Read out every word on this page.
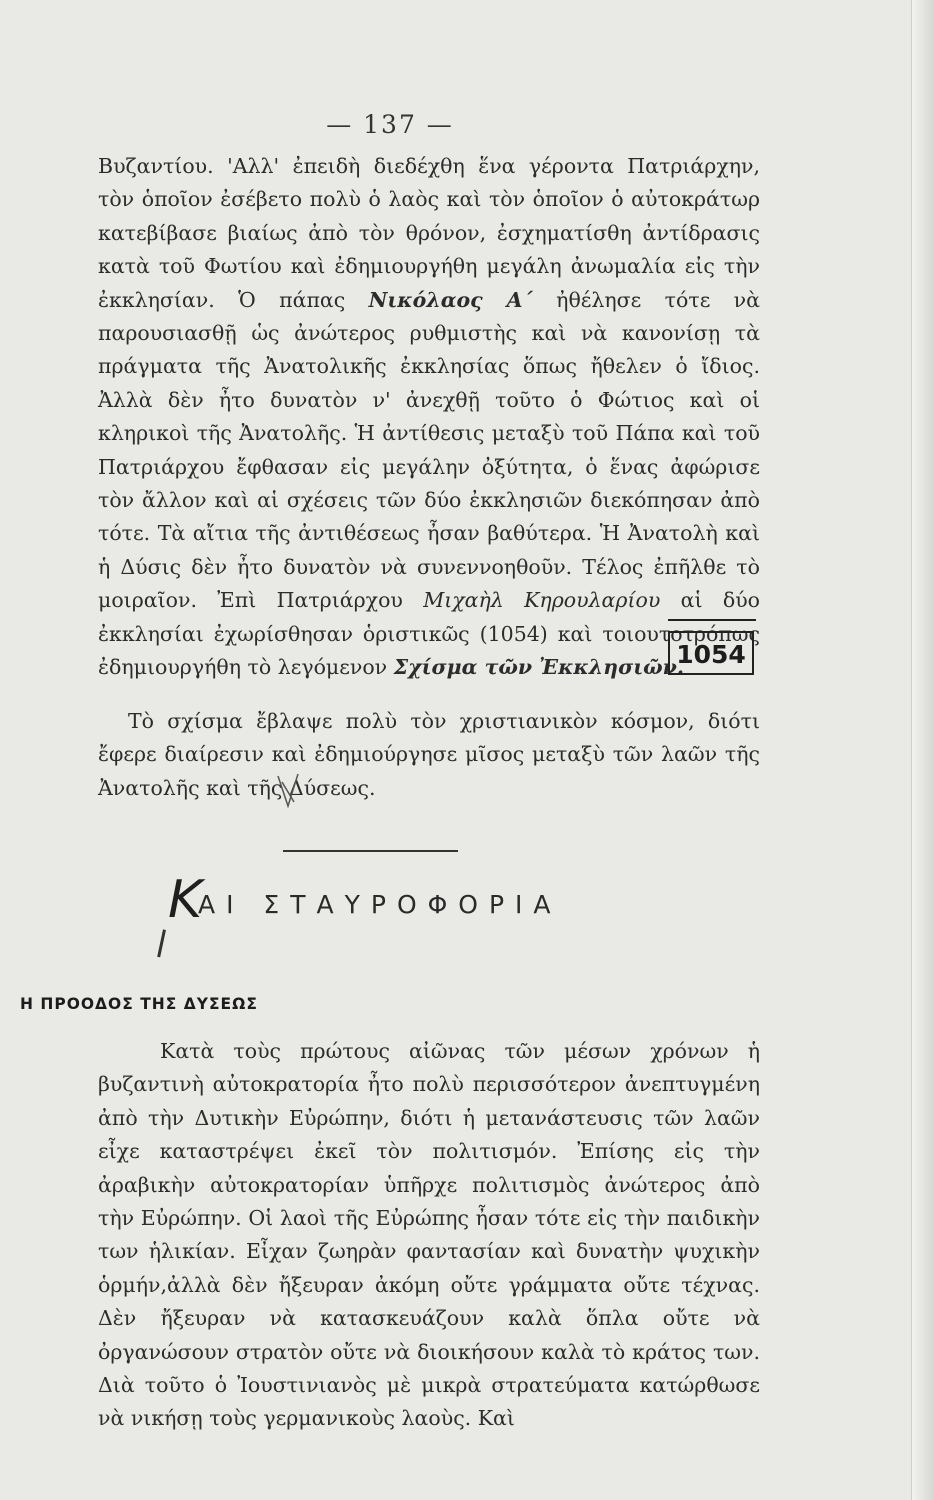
— 137 —

Βυζαντίου. 'Αλλ' ἐπειδὴ διεδέχθη ἕνα γέροντα Πατριάρχην, τὸν ὁποῖον ἐσέβετο πολὺ ὁ λαὸς καὶ τὸν ὁποῖον ὁ αὐτοκράτωρ κατεβίβασε βιαίως ἀπὸ τὸν θρόνον, ἐσχηματίσθη ἀντίδρασις κατὰ τοῦ Φωτίου καὶ ἐδημιουργήθη μεγάλη ἀνωμαλία εἰς τὴν ἐκκλησίαν. Ὁ πάπας Νικόλαος Α΄ ἠθέλησε τότε νὰ παρουσιασθῇ ὡς ἀνώτερος ρυθμιστὴς καὶ νὰ κανονίσῃ τὰ πράγματα τῆς Ἀνατολικῆς ἐκκλησίας ὅπως ἤθελεν ὁ ἴδιος. Ἀλλὰ δὲν ἦτο δυνατὸν ν' ἀνεχθῇ τοῦτο ὁ Φώτιος καὶ οἱ κληρικοὶ τῆς Ἀνατολῆς. Ἡ ἀντίθεσις μεταξὺ τοῦ Πάπα καὶ τοῦ Πατριάρχου ἔφθασαν εἰς μεγάλην ὀξύτητα, ὁ ἕνας ἀφώρισε τὸν ἄλλον καὶ αἱ σχέσεις τῶν δύο ἐκκλησιῶν διεκόπησαν ἀπὸ τότε. Τὰ αἴτια τῆς ἀντιθέσεως ἦσαν βαθύτερα. Ἡ Ἀνατολὴ καὶ ἡ Δύσις δὲν ἦτο δυνατὸν νὰ συνεννοηθοῦν. Τέλος ἐπῆλθε τὸ μοιραῖον. Ἐπὶ Πατριάρχου Μιχαὴλ Κηρουλαρίου αἱ δύο ἐκκλησίαι ἐχωρίσθησαν ὁριστικῶς (1054) καὶ τοιουτοτρόπως ἐδημιουργήθη τὸ λεγόμενον Σχίσμα τῶν Ἐκκλησιῶν.

1054

Τὸ σχίσμα ἔβλαψε πολὺ τὸν χριστιανικὸν κόσμον, διότι ἔφερε διαίρεσιν καὶ ἐδημιούργησε μῖσος μεταξὺ τῶν λαῶν τῆς Ἀνατολῆς καὶ τῆς Δύσεως.

K
ΑΙ ΣΤΑΥΡΟΦΟΡΙΑ
Η ΠΡΟΟΔΟΣ ΤΗΣ ΔΥΣΕΩΣ

Κατὰ τοὺς πρώτους αἰῶνας τῶν μέσων χρόνων ἡ βυζαντινὴ αὐτοκρατορία ἦτο πολὺ περισσότερον ἀνεπτυγμένη ἀπὸ τὴν Δυτικὴν Εὐρώπην, διότι ἡ μετανάστευσις τῶν λαῶν εἶχε καταστρέψει ἐκεῖ τὸν πολιτισμόν. Ἐπίσης εἰς τὴν ἀραβικὴν αὐτοκρατορίαν ὑπῆρχε πολιτισμὸς ἀνώτερος ἀπὸ τὴν Εὐρώπην. Οἱ λαοὶ τῆς Εὐρώπης ἦσαν τότε εἰς τὴν παιδικὴν των ἡλικίαν. Εἶχαν ζωηρὰν φαντασίαν καὶ δυνατὴν ψυχικὴν ὁρμήν,ἀλλὰ δὲν ἤξευραν ἀκόμη οὔτε γράμματα οὔτε τέχνας. Δὲν ἤξευραν νὰ κατασκευάζουν καλὰ ὅπλα οὔτε νὰ ὀργανώσουν στρατὸν οὔτε νὰ διοικήσουν καλὰ τὸ κράτος των. Διὰ τοῦτο ὁ Ἰουστινιανὸς μὲ μικρὰ στρατεύματα κατώρθωσε νὰ νικήσῃ τοὺς γερμανικοὺς λαοὺς. Καὶ
